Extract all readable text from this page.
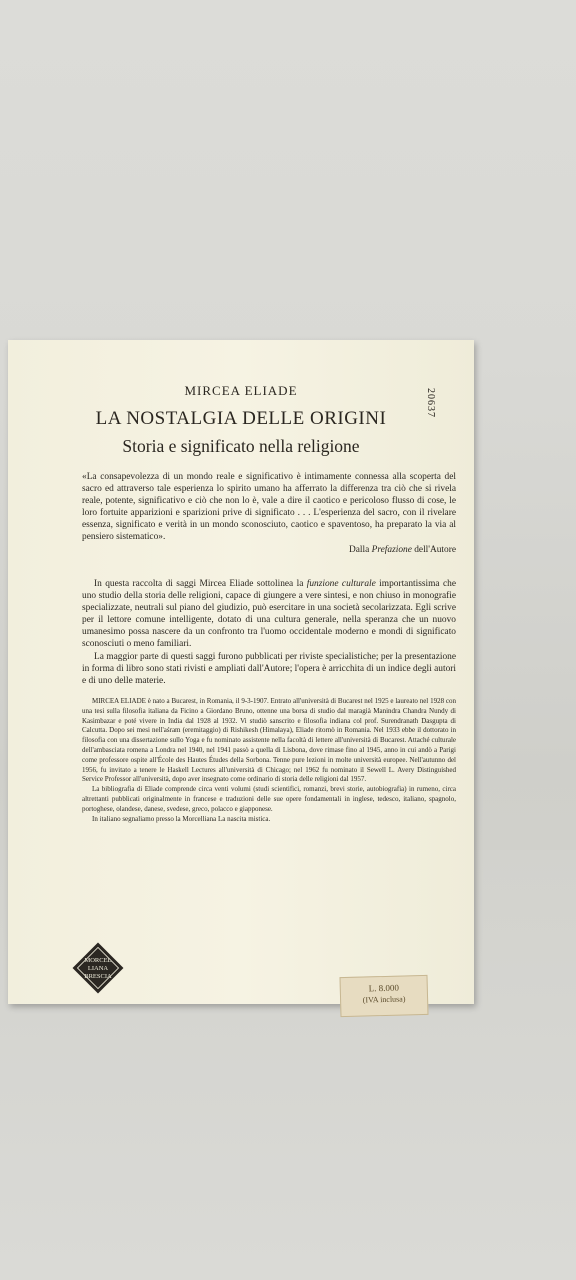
MIRCEA ELIADE
LA NOSTALGIA DELLE ORIGINI
Storia e significato nella religione
20637

«La consapevolezza di un mondo reale e significativo è intimamente connessa alla scoperta del sacro ed attraverso tale esperienza lo spirito umano ha afferrato la differenza tra ciò che si rivela reale, potente, significativo e ciò che non lo è, vale a dire il caotico e pericoloso flusso di cose, le loro fortuite apparizioni e sparizioni prive di significato . . . L'esperienza del sacro, con il rivelare essenza, significato e verità in un mondo sconosciuto, caotico e spaventoso, ha preparato la via al pensiero sistematico».

Dalla Prefazione dell'Autore

In questa raccolta di saggi Mircea Eliade sottolinea la funzione culturale importantissima che uno studio della storia delle religioni, capace di giungere a vere sintesi, e non chiuso in monografie specializzate, neutrali sul piano del giudizio, può esercitare in una società secolarizzata. Egli scrive per il lettore comune intelligente, dotato di una cultura generale, nella speranza che un nuovo umanesimo possa nascere da un confronto tra l'uomo occidentale moderno e mondi di significato sconosciuti o meno familiari.

La maggior parte di questi saggi furono pubblicati per riviste specialistiche; per la presentazione in forma di libro sono stati rivisti e ampliati dall'Autore; l'opera è arricchita di un indice degli autori e di uno delle materie.

MIRCEA ELIADE è nato a Bucarest, in Romania, il 9-3-1907. Entrato all'università di Bucarest nel 1925 e laureato nel 1928 con una tesi sulla filosofia italiana da Ficino a Giordano Bruno, ottenne una borsa di studio dal maragià Manindra Chandra Nundy di Kasimbazar e poté vivere in India dal 1928 al 1932. Vi studiò sanscrito e filosofia indiana col prof. Surendranath Dasgupta di Calcutta. Dopo sei mesi nell'aśram (eremitaggio) di Rishikesh (Himalaya), Eliade ritornò in Romania. Nel 1933 ebbe il dottorato in filosofia con una dissertazione sullo Yoga e fu nominato assistente nella facoltà di lettere all'università di Bucarest. Attaché culturale dell'ambasciata romena a Londra nel 1940, nel 1941 passò a quella di Lisbona, dove rimase fino al 1945, anno in cui andò a Parigi come professore ospite all'École des Hautes Études della Sorbona. Tenne pure lezioni in molte università europee. Nell'autunno del 1956, fu invitato a tenere le Haskell Lectures all'università di Chicago; nel 1962 fu nominato il Sewell L. Avery Distinguished Service Professor all'università, dopo aver insegnato come ordinario di storia delle religioni dal 1957.

La bibliografia di Eliade comprende circa venti volumi (studi scientifici, romanzi, brevi storie, autobiografia) in rumeno, circa altrettanti pubblicati originalmente in francese e traduzioni delle sue opere fondamentali in inglese, tedesco, italiano, spagnolo, portoghese, olandese, danese, svedese, greco, polacco e giapponese.

In italiano segnaliamo presso la Morcelliana La nascita mistica.

MORCEL
LIANA
BRESCIA
L. 8.000
(IVA inclusa)
